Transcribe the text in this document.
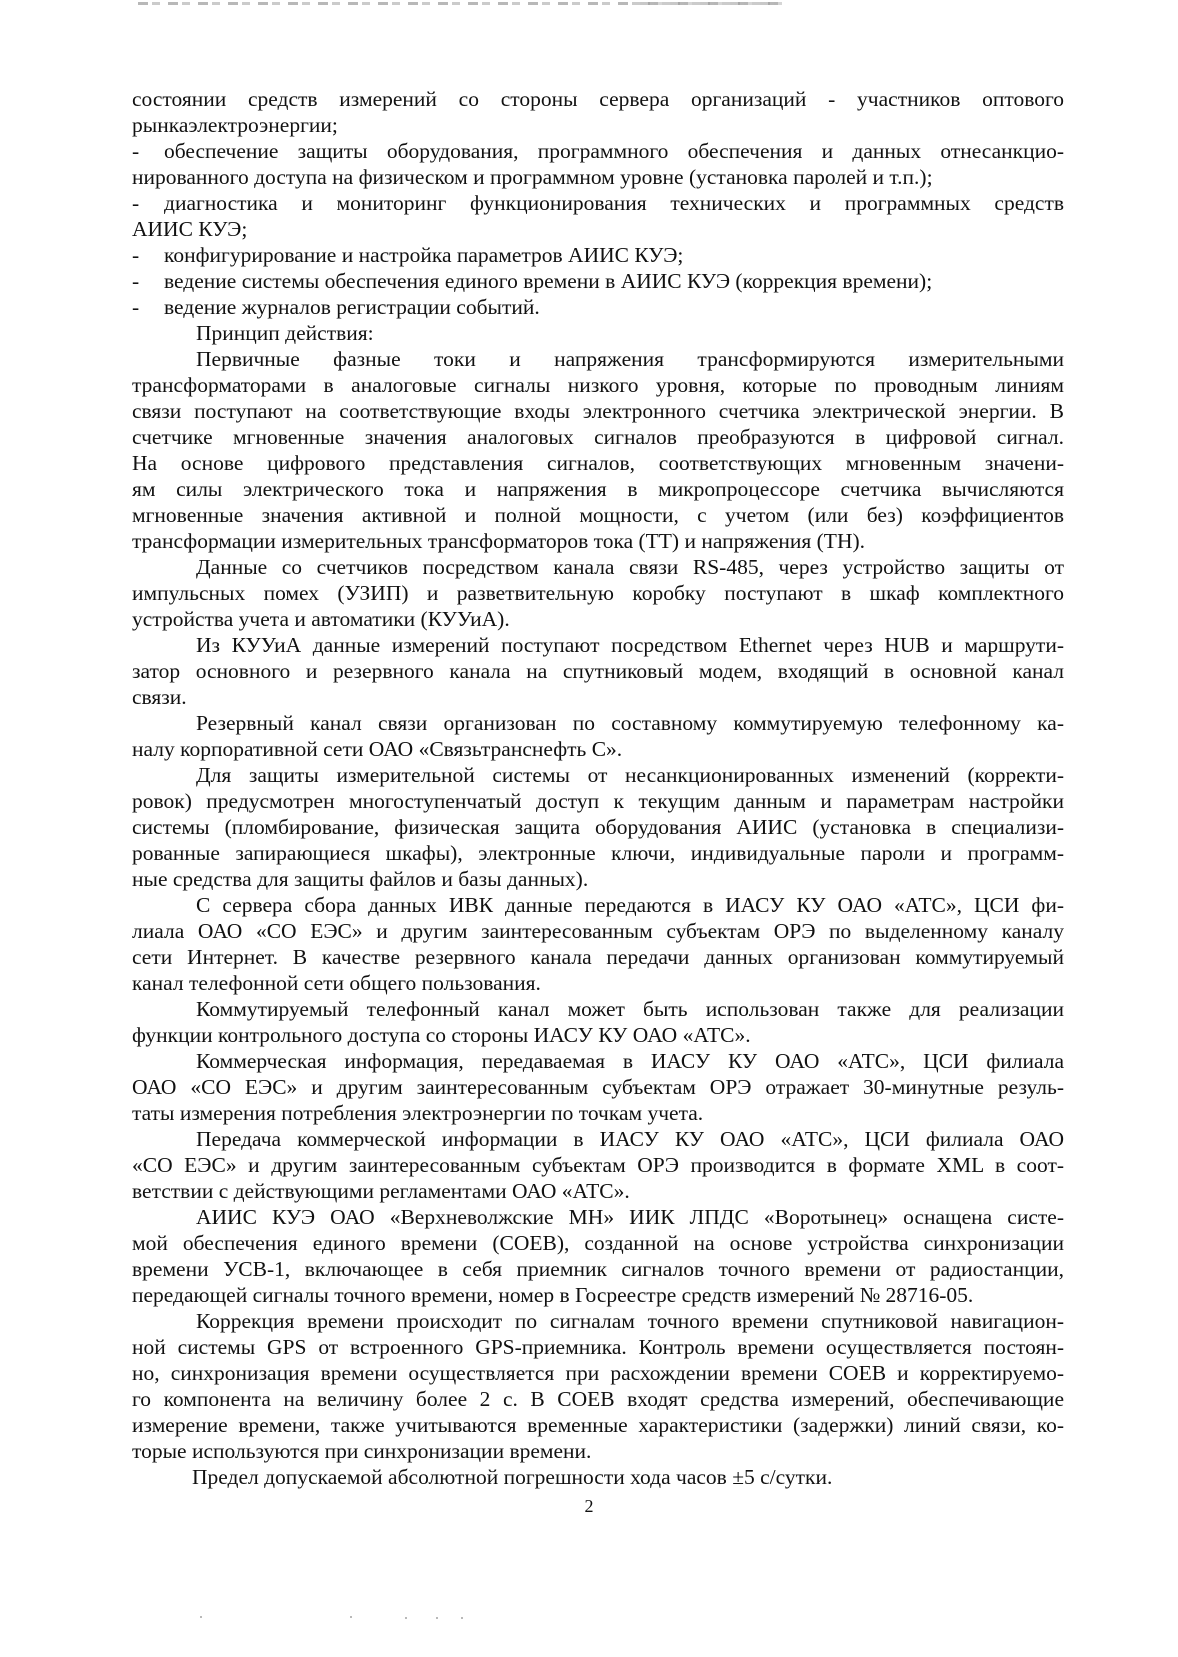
состоянии средств измерений со стороны сервера организаций - участников оптового
рынкаэлектроэнергии;
- обеспечение защиты оборудования, программного обеспечения и данных отнесанкцио-
нированного доступа на физическом и программном уровне (установка паролей и т.п.);
- диагностика и мониторинг функционирования технических и программных средств
АИИС КУЭ;
- конфигурирование и настройка параметров АИИС КУЭ;
- ведение системы обеспечения единого времени в АИИС КУЭ (коррекция времени);
- ведение журналов регистрации событий.
Принцип действия:
Первичные фазные токи и напряжения трансформируются измерительными
трансформаторами в аналоговые сигналы низкого уровня, которые по проводным линиям
связи поступают на соответствующие входы электронного счетчика электрической энергии. В
счетчике мгновенные значения аналоговых сигналов преобразуются в цифровой сигнал.
На основе цифрового представления сигналов, соответствующих мгновенным значени-
ям силы электрического тока и напряжения в микропроцессоре счетчика вычисляются
мгновенные значения активной и полной мощности, с учетом (или без) коэффициентов
трансформации измерительных трансформаторов тока (ТТ) и напряжения (ТН).
Данные со счетчиков посредством канала связи RS-485, через устройство защиты от
импульсных помех (УЗИП) и разветвительную коробку поступают в шкаф комплектного
устройства учета и автоматики (КУУиА).
Из КУУиА данные измерений поступают посредством Ethernet через HUB и маршрути-
затор основного и резервного канала на спутниковый модем, входящий в основной канал
связи.
Резервный канал связи организован по составному коммутируемую телефонному ка-
налу корпоративной сети ОАО «Связьтранснефть С».
Для защиты измерительной системы от несанкционированных изменений (корректи-
ровок) предусмотрен многоступенчатый доступ к текущим данным и параметрам настройки
системы (пломбирование, физическая защита оборудования АИИС (установка в специализи-
рованные запирающиеся шкафы), электронные ключи, индивидуальные пароли и программ-
ные средства для защиты файлов и базы данных).
С сервера сбора данных ИВК данные передаются в ИАСУ КУ ОАО «АТС», ЦСИ фи-
лиала ОАО «СО ЕЭС» и другим заинтересованным субъектам ОРЭ по выделенному каналу
сети Интернет. В качестве резервного канала передачи данных организован коммутируемый
канал телефонной сети общего пользования.
Коммутируемый телефонный канал может быть использован также для реализации
функции контрольного доступа со стороны ИАСУ КУ ОАО «АТС».
Коммерческая информация, передаваемая в ИАСУ КУ ОАО «АТС», ЦСИ филиала
ОАО «СО ЕЭС» и другим заинтересованным субъектам ОРЭ отражает 30-минутные резуль-
таты измерения потребления электроэнергии по точкам учета.
Передача коммерческой информации в ИАСУ КУ ОАО «АТС», ЦСИ филиала ОАО
«СО ЕЭС» и другим заинтересованным субъектам ОРЭ производится в формате XML в соот-
ветствии с действующими регламентами ОАО «АТС».
АИИС КУЭ ОАО «Верхневолжские МН» ИИК ЛПДС «Воротынец» оснащена систе-
мой обеспечения единого времени (СОЕВ), созданной на основе устройства синхронизации
времени УСВ-1, включающее в себя приемник сигналов точного времени от радиостанции,
передающей сигналы точного времени, номер в Госреестре средств измерений № 28716-05.
Коррекция времени происходит по сигналам точного времени спутниковой навигацион-
ной системы GPS от встроенного GPS-приемника. Контроль времени осуществляется постоян-
но, синхронизация времени осуществляется при расхождении времени СОЕВ и корректируемо-
го компонента на величину более 2 с. В СОЕВ входят средства измерений, обеспечивающие
измерение времени, также учитываются временные характеристики (задержки) линий связи, ко-
торые используются при синхронизации времени.
Предел допускаемой абсолютной погрешности хода часов ±5 с/сутки.
2
